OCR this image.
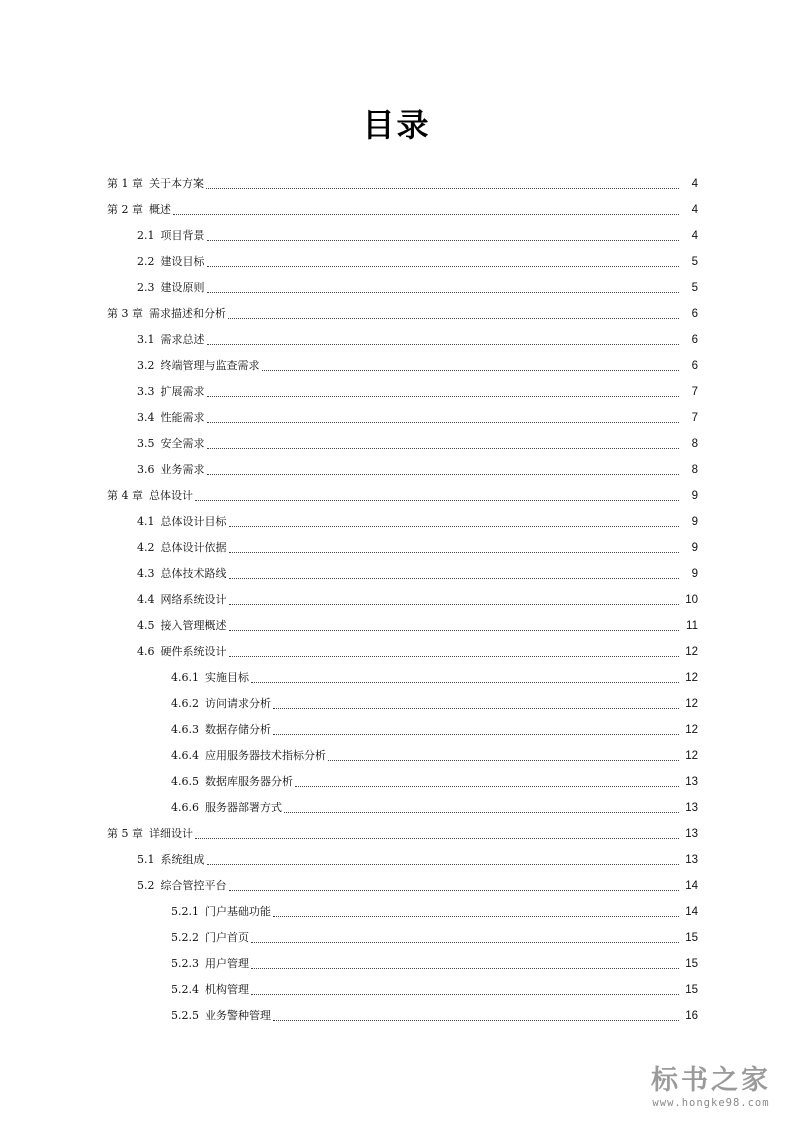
目录
第 1 章 关于本方案	4
第 2 章 概述	4
2.1 项目背景	4
2.2 建设目标	5
2.3 建设原则	5
第 3 章 需求描述和分析	6
3.1 需求总述	6
3.2 终端管理与监查需求	6
3.3 扩展需求	7
3.4 性能需求	7
3.5 安全需求	8
3.6 业务需求	8
第 4 章 总体设计	9
4.1 总体设计目标	9
4.2 总体设计依据	9
4.3 总体技术路线	9
4.4 网络系统设计	10
4.5 接入管理概述	11
4.6 硬件系统设计	12
4.6.1 实施目标	12
4.6.2 访问请求分析	12
4.6.3 数据存储分析	12
4.6.4 应用服务器技术指标分析	12
4.6.5 数据库服务器分析	13
4.6.6 服务器部署方式	13
第 5 章 详细设计	13
5.1 系统组成	13
5.2 综合管控平台	14
5.2.1 门户基础功能	14
5.2.2 门户首页	15
5.2.3 用户管理	15
5.2.4 机构管理	15
5.2.5 业务警种管理	16
标书之家
www.hongke98.com
